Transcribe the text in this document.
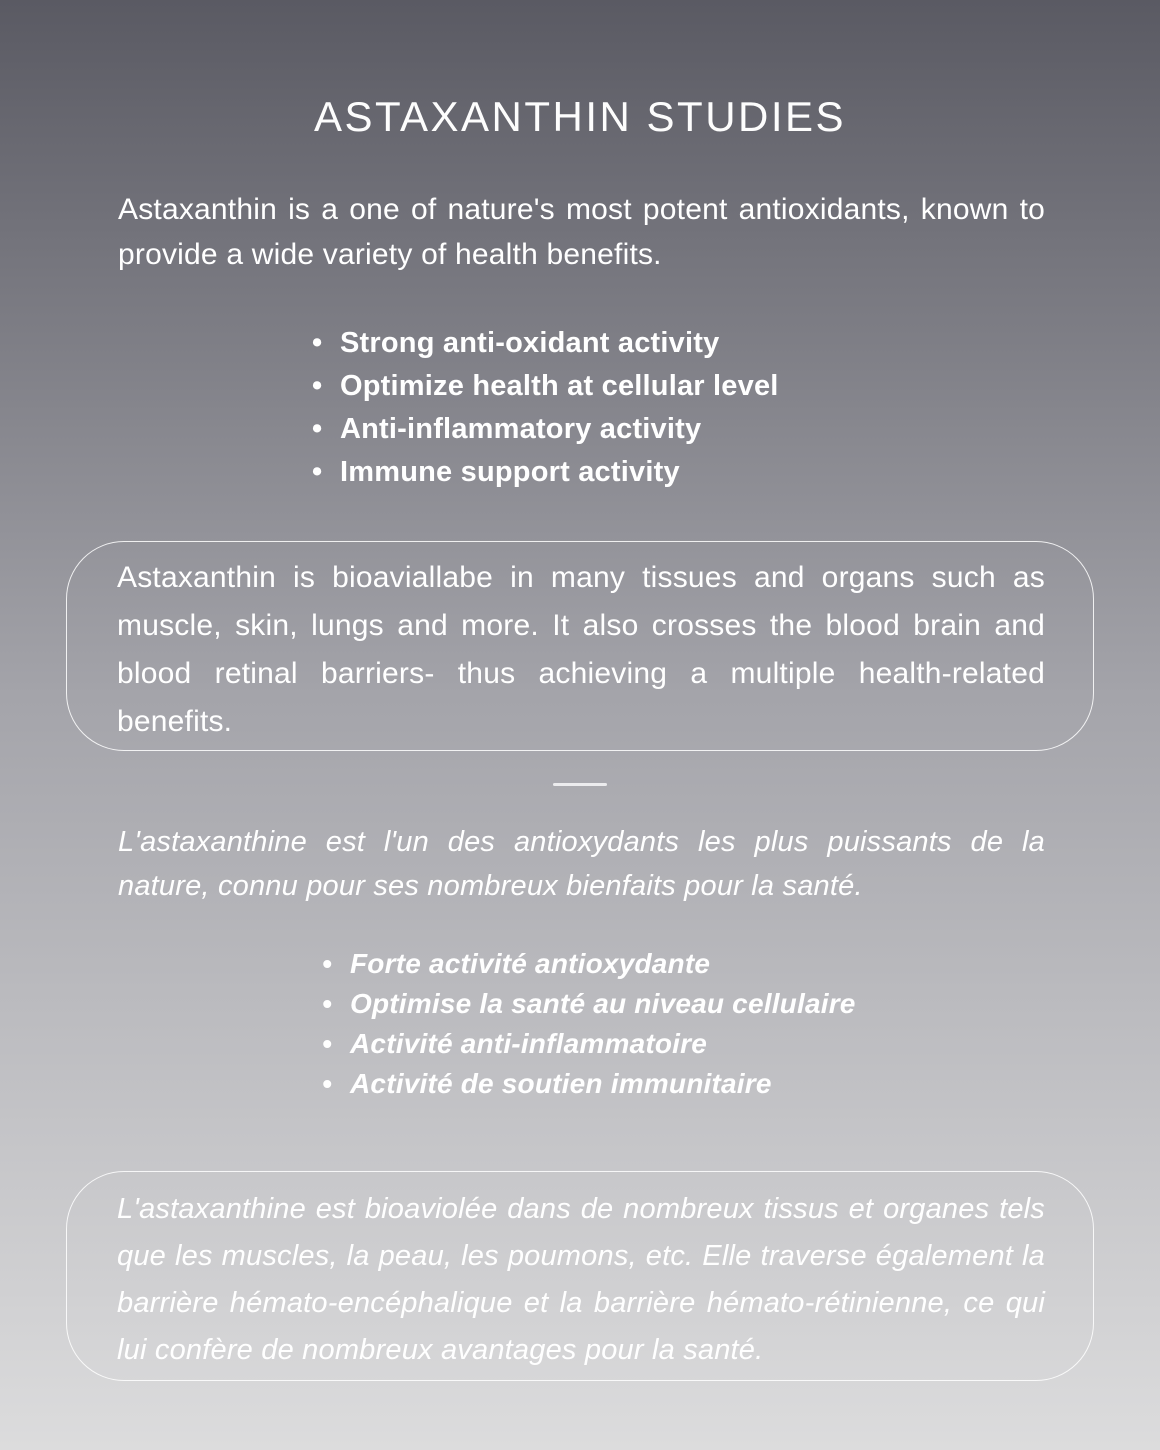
ASTAXANTHIN STUDIES

Astaxanthin is a one of nature's most potent antioxidants, known to provide a wide variety of health benefits.

• Strong anti-oxidant activity
• Optimize health at cellular level
• Anti-inflammatory activity
• Immune support activity
Astaxanthin is bioaviallabe in many tissues and organs such as muscle, skin, lungs and more. It also crosses the blood brain and blood retinal barriers- thus achieving a multiple health-related benefits.

L'astaxanthine est l'un des antioxydants les plus puissants de la nature, connu pour ses nombreux bienfaits pour la santé.

• Forte activité antioxydante
• Optimise la santé au niveau cellulaire
• Activité anti-inflammatoire
• Activité de soutien immunitaire
L'astaxanthine est bioaviolée dans de nombreux tissus et organes tels que les muscles, la peau, les poumons, etc. Elle traverse également la barrière hémato-encéphalique et la barrière hémato-rétinienne, ce qui lui confère de nombreux avantages pour la santé.
